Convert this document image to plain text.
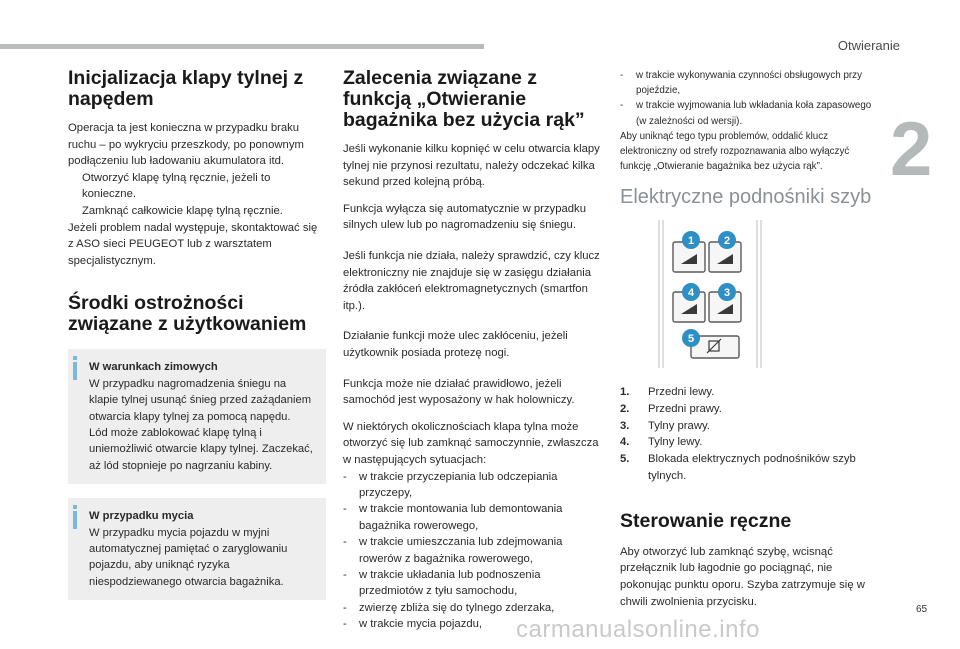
Otwieranie
2
Inicjalizacja klapy tylnej z napędem

Operacja ta jest konieczna w przypadku braku ruchu – po wykryciu przeszkody, po ponownym podłączeniu lub ładowaniu akumulatora itd.

Otworzyć klapę tylną ręcznie, jeżeli to konieczne.
Zamknąć całkowicie klapę tylną ręcznie.

Jeżeli problem nadal występuje, skontaktować się z ASO sieci PEUGEOT lub z warsztatem specjalistycznym.

Środki ostrożności związane z użytkowaniem
W warunkach zimowych
W przypadku nagromadzenia śniegu na klapie tylnej usunąć śnieg przed zażądaniem otwarcia klapy tylnej za pomocą napędu.
Lód może zablokować klapę tylną i uniemożliwić otwarcie klapy tylnej. Zaczekać, aż lód stopnieje po nagrzaniu kabiny.
W przypadku mycia
W przypadku mycia pojazdu w myjni automatycznej pamiętać o zaryglowaniu pojazdu, aby uniknąć ryzyka niespodziewanego otwarcia bagażnika.
Zalecenia związane z funkcją „Otwieranie bagażnika bez użycia rąk”

Jeśli wykonanie kilku kopnięć w celu otwarcia klapy tylnej nie przynosi rezultatu, należy odczekać kilka sekund przed kolejną próbą.

Funkcja wyłącza się automatycznie w przypadku silnych ulew lub po nagromadzeniu się śniegu.

Jeśli funkcja nie działa, należy sprawdzić, czy klucz elektroniczny nie znajduje się w zasięgu działania źródła zakłóceń elektromagnetycznych (smartfon itp.).

Działanie funkcji może ulec zakłóceniu, jeżeli użytkownik posiada protezę nogi.

Funkcja może nie działać prawidłowo, jeżeli samochód jest wyposażony w hak holowniczy.

W niektórych okolicznościach klapa tylna może otworzyć się lub zamknąć samoczynnie, zwłaszcza w następujących sytuacjach:

- w trakcie przyczepiania lub odczepiania przyczepy,
- w trakcie montowania lub demontowania bagażnika rowerowego,
- w trakcie umieszczania lub zdejmowania rowerów z bagażnika rowerowego,
- w trakcie układania lub podnoszenia przedmiotów z tyłu samochodu,
- zwierzę zbliża się do tylnego zderzaka,
- w trakcie mycia pojazdu,
- w trakcie wykonywania czynności obsługowych przy pojeździe,
- w trakcie wyjmowania lub wkładania koła zapasowego (w zależności od wersji).

Aby uniknąć tego typu problemów, oddalić klucz elektroniczny od strefy rozpoznawania albo wyłączyć funkcję „Otwieranie bagażnika bez użycia rąk”.

Elektryczne podnośniki szyb
1	2
4	3
5
1.	Przedni lewy.
2.	Przedni prawy.
3.	Tylny prawy.
4.	Tylny lewy.
5.	Blokada elektrycznych podnośników szyb tylnych.
Sterowanie ręczne

Aby otworzyć lub zamknąć szybę, wcisnąć przełącznik lub łagodnie go pociągnąć, nie pokonując punktu oporu. Szyba zatrzymuje się w chwili zwolnienia przycisku.

65
carmanualsonline.info
